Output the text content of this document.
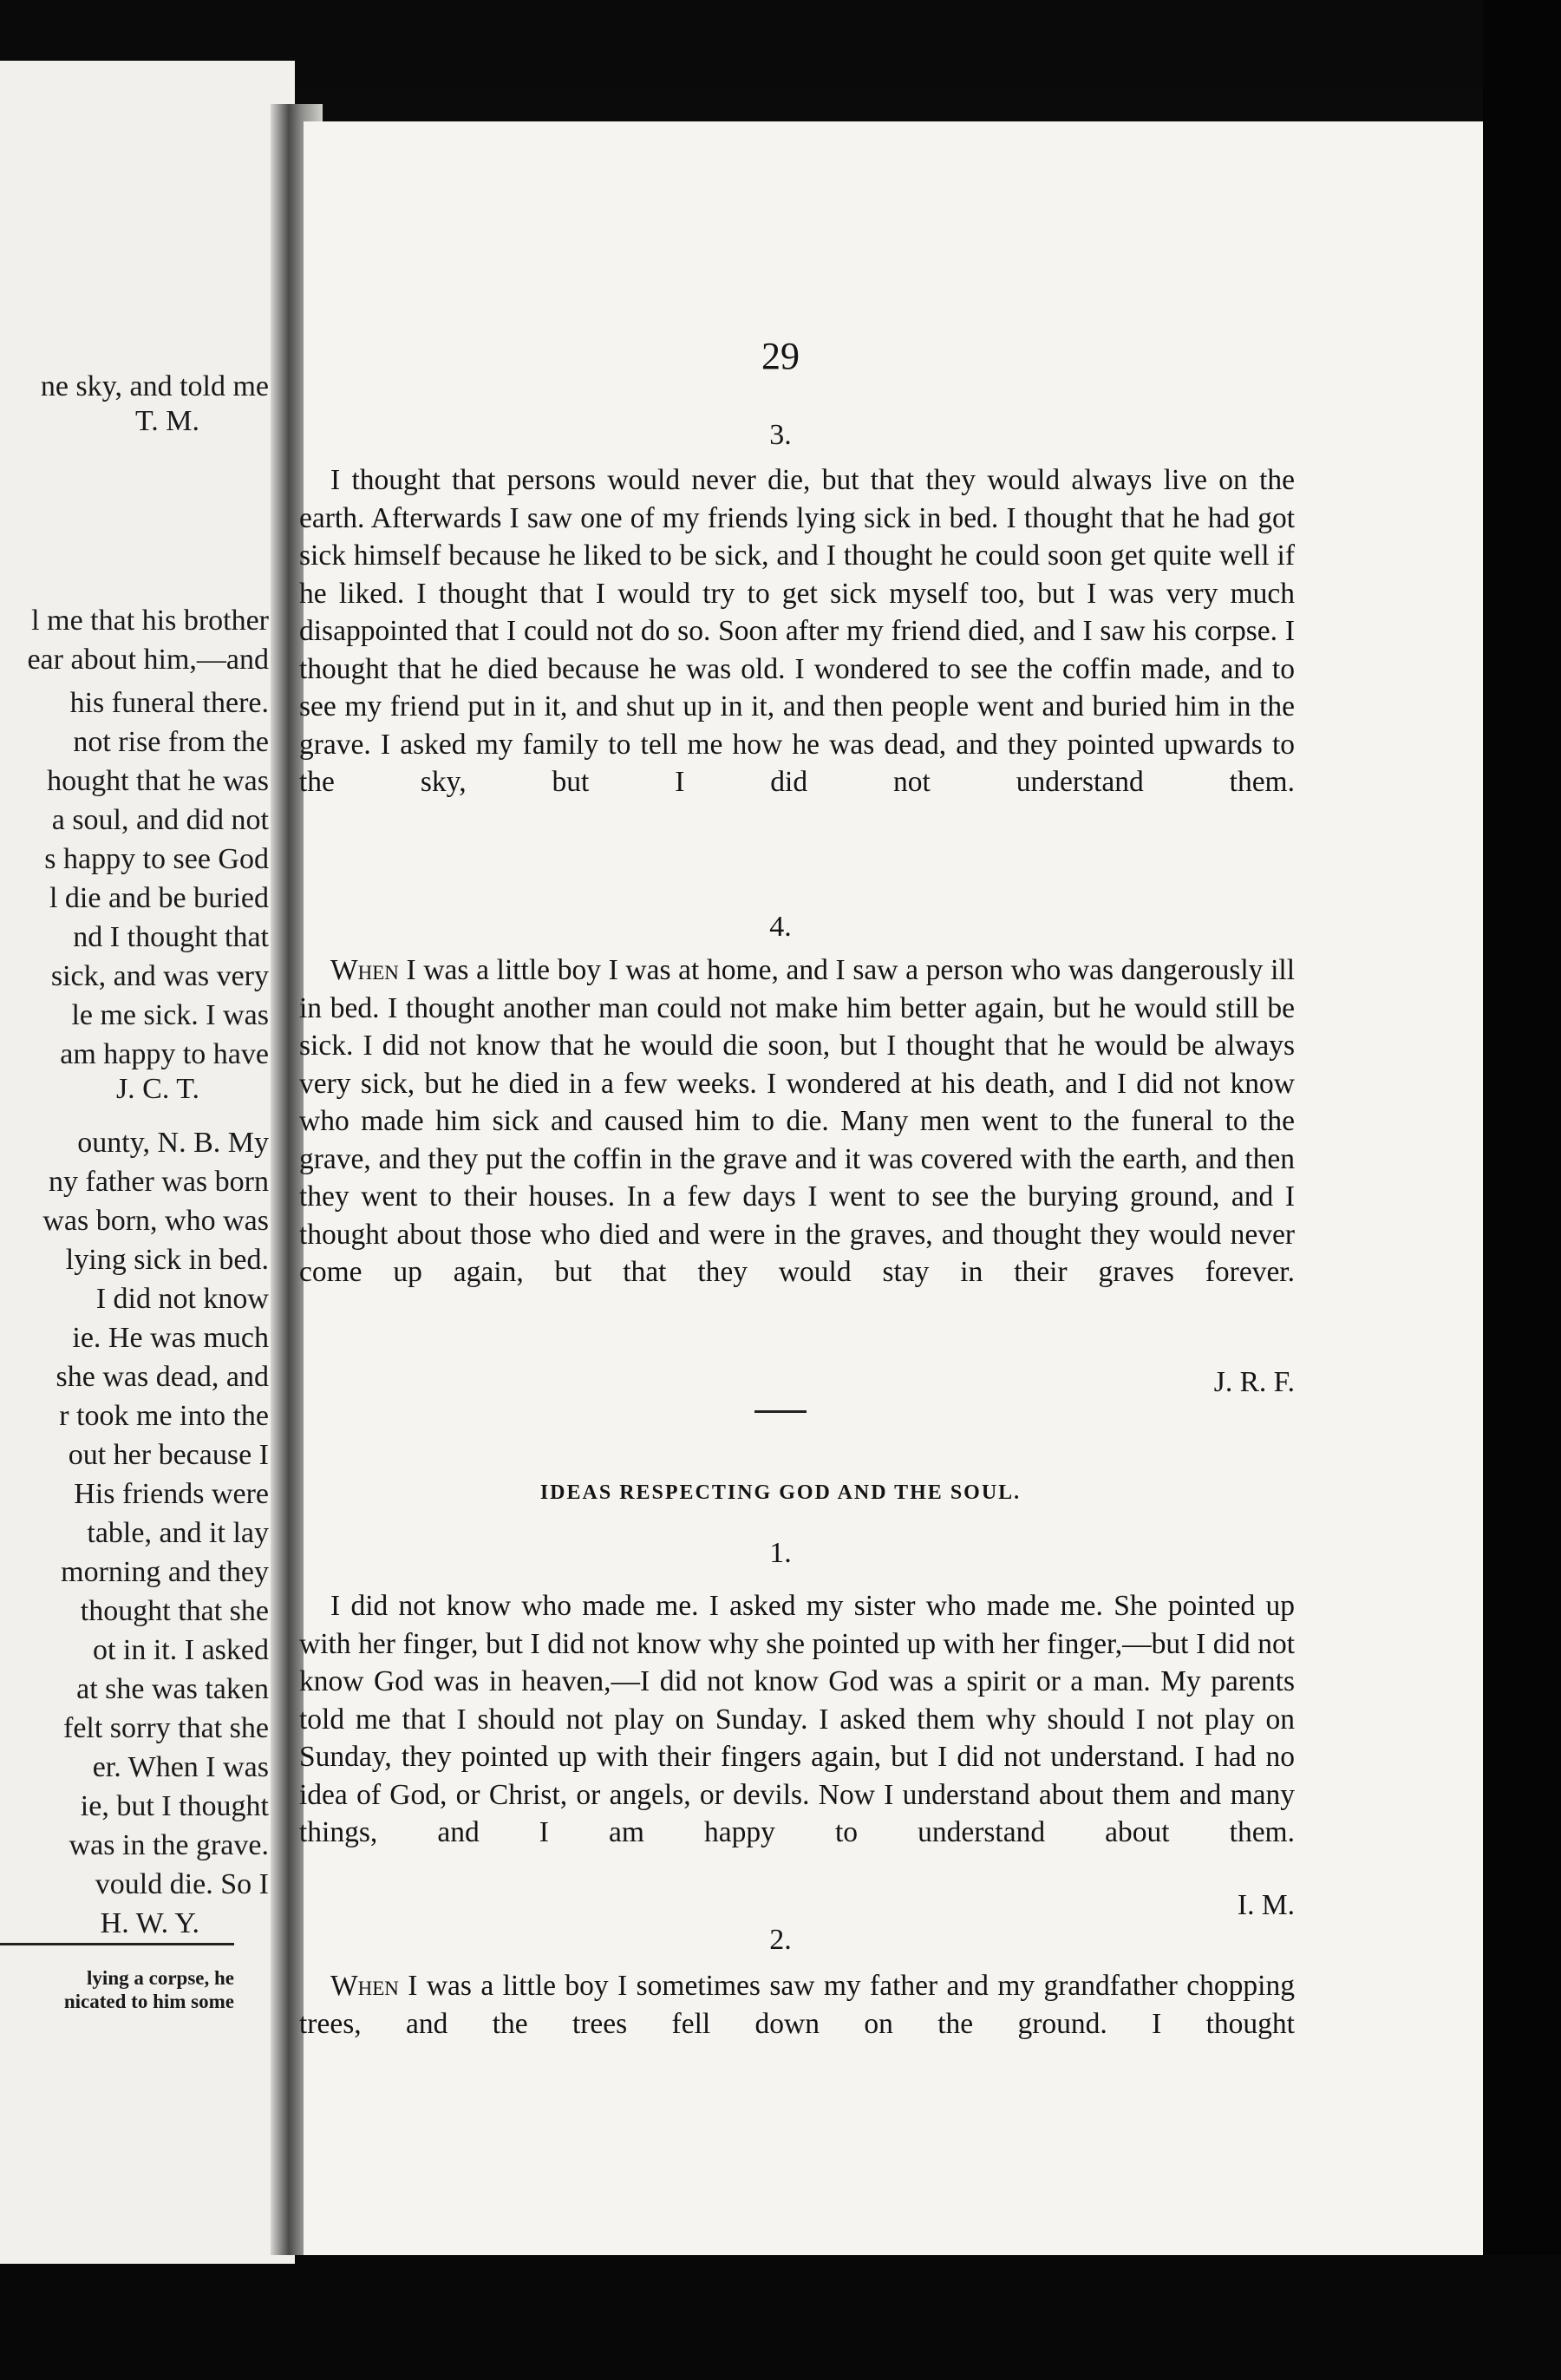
ne sky, and told me
T. M.
l me that his brother
ear about him,—and
his funeral there.
not rise from the
hought that he was
a soul, and did not
s happy to see God
l die and be buried
nd I thought that
sick, and was very
le me sick. I was
am happy to have
J. C. T.
ounty, N. B. My
ny father was born
was born, who was
lying sick in bed.
I did not know
ie. He was much
she was dead, and
r took me into the
out her because I
His friends were
table, and it lay
morning and they
thought that she
ot in it. I asked
at she was taken
felt sorry that she
er. When I was
ie, but I thought
was in the grave.
vould die. So I
H. W. Y.
lying a corpse, he
nicated to him some
29
3.
I thought that persons would never die, but that they would always live on the earth. Afterwards I saw one of my friends lying sick in bed. I thought that he had got sick himself because he liked to be sick, and I thought he could soon get quite well if he liked. I thought that I would try to get sick myself too, but I was very much disappointed that I could not do so. Soon after my friend died, and I saw his corpse. I thought that he died because he was old. I wondered to see the coffin made, and to see my friend put in it, and shut up in it, and then people went and buried him in the grave. I asked my family to tell me how he was dead, and they pointed upwards to the sky, but I did not understand them.
4.
When I was a little boy I was at home, and I saw a person who was dangerously ill in bed. I thought another man could not make him better again, but he would still be sick. I did not know that he would die soon, but I thought that he would be always very sick, but he died in a few weeks. I wondered at his death, and I did not know who made him sick and caused him to die. Many men went to the funeral to the grave, and they put the coffin in the grave and it was covered with the earth, and then they went to their houses. In a few days I went to see the burying ground, and I thought about those who died and were in the graves, and thought they would never come up again, but that they would stay in their graves forever.
J. R. F.
IDEAS RESPECTING GOD AND THE SOUL.
1.
I did not know who made me. I asked my sister who made me. She pointed up with her finger, but I did not know why she pointed up with her finger,—but I did not know God was in heaven,—I did not know God was a spirit or a man. My parents told me that I should not play on Sunday. I asked them why should I not play on Sunday, they pointed up with their fingers again, but I did not understand. I had no idea of God, or Christ, or angels, or devils. Now I understand about them and many things, and I am happy to understand about them.
I. M.
2.
When I was a little boy I sometimes saw my father and my grandfather chopping trees, and the trees fell down on the ground. I thought
